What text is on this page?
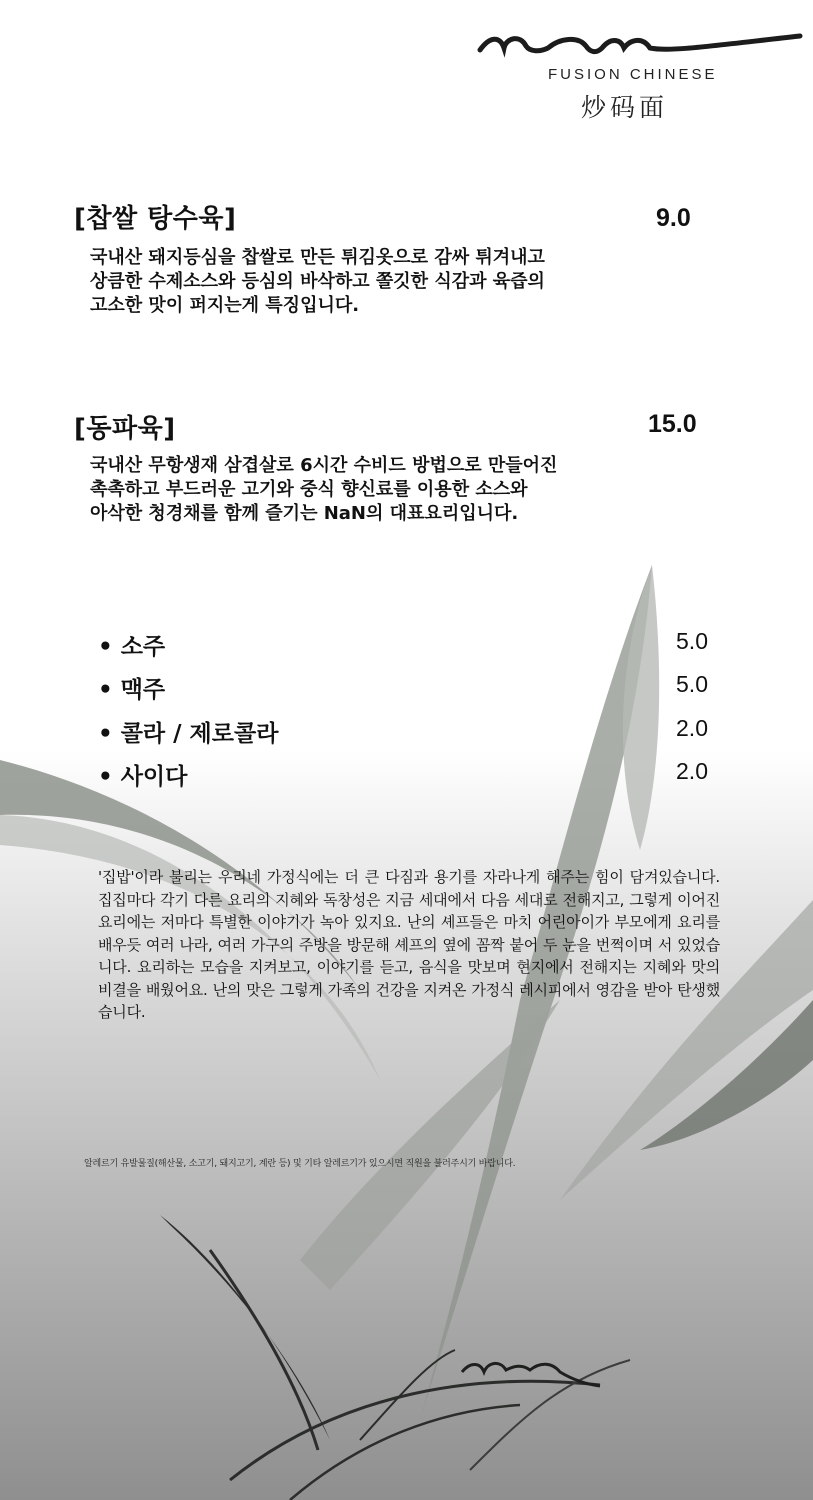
FUSION CHINESE
炒码面
[찹쌀 탕수육]	9.0
국내산 돼지등심을 찹쌀로 만든 튀김옷으로 감싸 튀겨내고
상큼한 수제소스와 등심의 바삭하고 쫄깃한 식감과 육즙의
고소한 맛이 퍼지는게 특징입니다.
[동파육]	15.0
국내산 무항생재 삼겹살로 6시간 수비드 방법으로 만들어진
촉촉하고 부드러운 고기와 중식 향신료를 이용한 소스와
아삭한 청경채를 함께 즐기는 NaN의 대표요리입니다.
• 소주	5.0
• 맥주	5.0
• 콜라 / 제로콜라	2.0
• 사이다	2.0
'집밥'이라 불리는 우리네 가정식에는 더 큰 다짐과 용기를 자라나게 해주는 힘이 담겨있습니다. 집집마다 각기 다른 요리의 지혜와 독창성은 지금 세대에서 다음 세대로 전해지고, 그렇게 이어진 요리에는 저마다 특별한 이야기가 녹아 있지요. 난의 셰프들은 마치 어린아이가 부모에게 요리를 배우듯 여러 나라, 여러 가구의 주방을 방문해 셰프의 옆에 꼼짝 붙어 두 눈을 번쩍이며 서 있었습니다. 요리하는 모습을 지켜보고, 이야기를 듣고, 음식을 맛보며 현지에서 전해지는 지혜와 맛의 비결을 배웠어요. 난의 맛은 그렇게 가족의 건강을 지켜온 가정식 레시피에서 영감을 받아 탄생했습니다.
알레르기 유발물질(해산물, 소고기, 돼지고기, 계란 등) 및 기타 알레르기가 있으시면 직원을 불러주시기 바랍니다.
